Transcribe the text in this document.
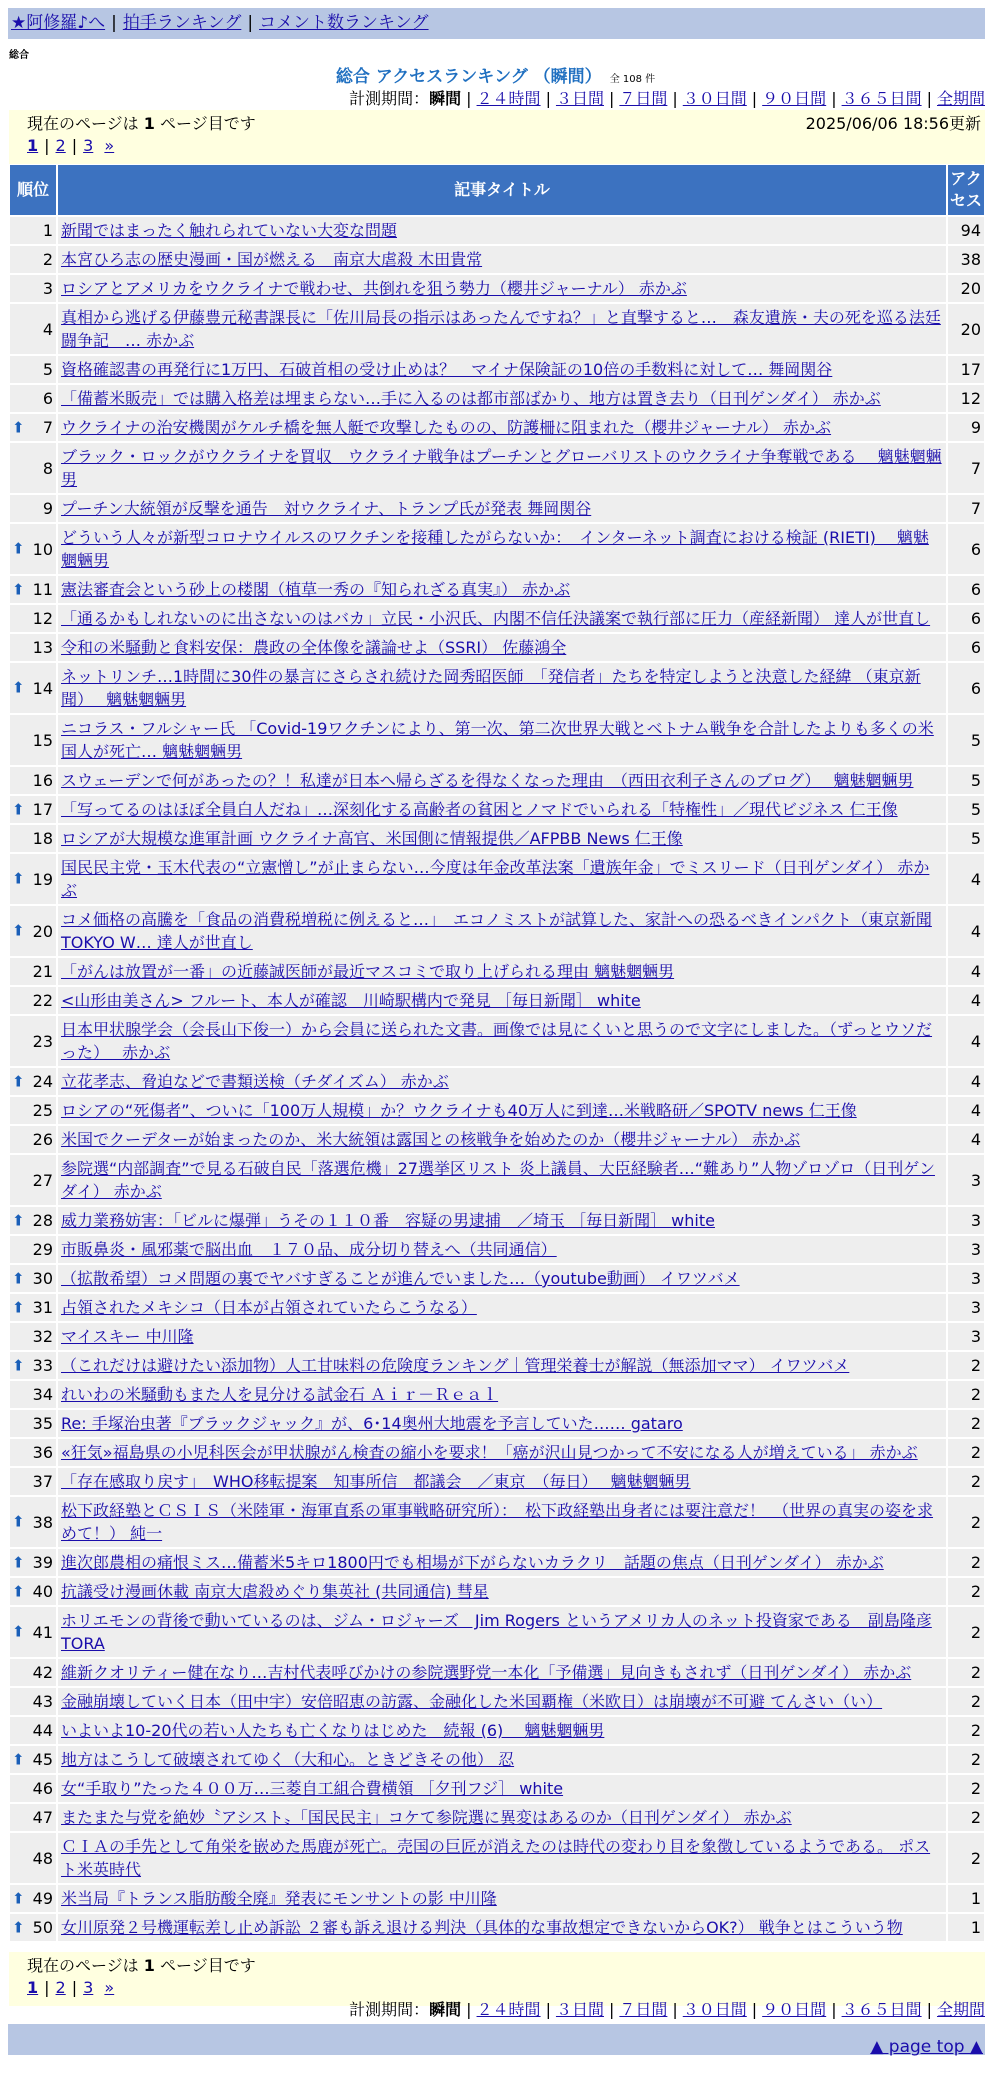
★阿修羅♪へ | 拍手ランキング | コメント数ランキング
総合
総合 アクセスランキング （瞬間） 全 108 件
計測期間：瞬間 | ２４時間 | ３日間 | ７日間 | ３０日間 | ９０日間 | ３６５日間 | 全期間
現在のページは 1 ページ目です	2025/06/06 18:56更新
1 | 2 | 3 »
順位	記事タイトル	アクセス
1	新聞ではまったく触れられていない大変な問題	94
2	本宮ひろ志の歴史漫画・国が燃える　南京大虐殺 木田貴常	38
3	ロシアとアメリカをウクライナで戦わせ、共倒れを狙う勢力（櫻井ジャーナル） 赤かぶ	20
4	真相から逃げる伊藤豊元秘書課長に「佐川局長の指示はあったんですね？」と直撃すると…　森友遺族・夫の死を巡る法廷闘争記　… 赤かぶ	20
5	資格確認書の再発行に1万円、石破首相の受け止めは？　マイナ保険証の10倍の手数料に対して… 舞岡関谷	17
6	「備蓄米販売」では購入格差は埋まらない…手に入るのは都市部ばかり、地方は置き去り（日刊ゲンダイ） 赤かぶ	12

⬆ 7	ウクライナの治安機関がケルチ橋を無人艇で攻撃したものの、防護柵に阻まれた（櫻井ジャーナル） 赤かぶ	9
8	ブラック・ロックがウクライナを買収　ウクライナ戦争はプーチンとグローバリストのウクライナ争奪戦である　 魑魅魍魎男	7
9	プーチン大統領が反撃を通告　対ウクライナ、トランプ氏が発表 舞岡関谷	7

⬆ 10	どういう人々が新型コロナウイルスのワクチンを接種したがらないか：　インターネット調査における検証 (RIETI)　 魑魅魍魎男	6

⬆ 11	憲法審査会という砂上の楼閣（植草一秀の『知られざる真実』） 赤かぶ	6
12	「通るかもしれないのに出さないのはバカ」立民・小沢氏、内閣不信任決議案で執行部に圧力（産経新聞） 達人が世直し	6
13	令和の米騒動と食料安保：農政の全体像を議論せよ（SSRI） 佐藤鴻全	6

⬆ 14	ネットリンチ…1時間に30件の暴言にさらされ続けた岡秀昭医師　「発信者」たちを特定しようと決意した経緯 （東京新聞）　 魑魅魍魎男	6
15	ニコラス・フルシャー氏 「Covid-19ワクチンにより、第一次、第二次世界大戦とベトナム戦争を合計したよりも多くの米国人が死亡… 魑魅魍魎男	5
16	スウェーデンで何があったの？！私達が日本へ帰らざるを得なくなった理由　（西田衣利子さんのブログ）　 魑魅魍魎男	5

⬆ 17	「写ってるのはほぼ全員白人だね」…深刻化する高齢者の貧困とノマドでいられる「特権性」／現代ビジネス 仁王像	5
18	ロシアが大規模な進軍計画 ウクライナ高官、米国側に情報提供／AFPBB News 仁王像	5

⬆ 19	国民民主党・玉木代表の“立憲憎し”が止まらない…今度は年金改革法案「遺族年金」でミスリード（日刊ゲンダイ） 赤かぶ	4

⬆ 20	コメ価格の高騰を「食品の消費税増税に例えると…」　エコノミストが試算した、家計への恐るべきインパクト（東京新聞 TOKYO W… 達人が世直し	4
21	「がんは放置が一番」の近藤誠医師が最近マスコミで取り上げられる理由 魑魅魍魎男	4
22	<山形由美さん> フルート、本人が確認　川崎駅構内で発見 ［毎日新聞］ white	4
23	日本甲状腺学会（会長山下俊一）から会員に送られた文書。画像では見にくいと思うので文字にしました。（ずっとウソだった）　 赤かぶ	4

⬆ 24	立花孝志、脅迫などで書類送検（チダイズム） 赤かぶ	4
25	ロシアの“死傷者”、ついに「100万人規模」か？ウクライナも40万人に到達…米戦略研／SPOTV news 仁王像	4
26	米国でクーデターが始まったのか、米大統領は露国との核戦争を始めたのか（櫻井ジャーナル） 赤かぶ	4
27	参院選“内部調査”で見る石破自民「落選危機」27選挙区リスト 炎上議員、大臣経験者…“難あり”人物ゾロゾロ（日刊ゲンダイ） 赤かぶ	3

⬆ 28	威力業務妨害：「ビルに爆弾」うその１１０番　容疑の男逮捕　／埼玉 ［毎日新聞］ white	3
29	市販鼻炎・風邪薬で脳出血　１７０品、成分切り替えへ（共同通信）	3

⬆ 30	（拡散希望）コメ問題の裏でヤバすぎることが進んでいました…（youtube動画） イワツバメ	3

⬆ 31	占領されたメキシコ（日本が占領されていたらこうなる）	3
32	マイスキー 中川隆	3

⬆ 33	（これだけは避けたい添加物）人工甘味料の危険度ランキング｜管理栄養士が解説（無添加ママ） イワツバメ	2
34	れいわの米騒動もまた人を見分ける試金石 Ａｉｒ－Ｒｅａｌ	2
35	Re: 手塚治虫著『ブラックジャック』が、6･14奥州大地震を予言していた…… gataro	2
36	«狂気»福島県の小児科医会が甲状腺がん検査の縮小を要求！「癌が沢山見つかって不安になる人が増えている」 赤かぶ	2
37	「存在感取り戻す」　WHO移転提案　知事所信　都議会　／東京　（毎日）　 魑魅魍魎男	2

⬆ 38	松下政経塾とＣＳＩＳ（米陸軍・海軍直系の軍事戦略研究所）：　松下政経塾出身者には要注意だ！　（世界の真実の姿を求めて！） 純一	2

⬆ 39	進次郎農相の痛恨ミス…備蓄米5キロ1800円でも相場が下がらないカラクリ　話題の焦点（日刊ゲンダイ） 赤かぶ	2

⬆ 40	抗議受け漫画休載 南京大虐殺めぐり集英社 (共同通信) 彗星	2

⬆ 41	ホリエモンの背後で動いているのは、ジム・ロジャーズ　Jim Rogers というアメリカ人のネット投資家である　副島隆彦 TORA	2
42	維新クオリティー健在なり…吉村代表呼びかけの参院選野党一本化「予備選」見向きもされず（日刊ゲンダイ） 赤かぶ	2
43	金融崩壊していく日本（田中宇）安倍昭恵の訪露、金融化した米国覇権（米欧日）は崩壊が不可避 てんさい（い）	2
44	いよいよ10-20代の若い人たちも亡くなりはじめた　続報 (6)　 魑魅魍魎男	2

⬆ 45	地方はこうして破壊されてゆく（大和心。ときどきその他） 忍	2
46	女“手取り”たった４００万…三菱自工組合費横領 ［夕刊フジ］ white	2
47	またまた与党を絶妙〝アシスト〟「国民民主」コケて参院選に異変はあるのか（日刊ゲンダイ） 赤かぶ	2
48	ＣＩＡの手先として角栄を嵌めた馬鹿が死亡。売国の巨匠が消えたのは時代の変わり目を象徴しているようである。 ポスト米英時代	2

⬆ 49	米当局『トランス脂肪酸全廃』発表にモンサントの影 中川隆	1

⬆ 50	女川原発２号機運転差し止め訴訟 ２審も訴え退ける判決（具体的な事故想定できないからOK?） 戦争とはこういう物	1
現在のページは 1 ページ目です
1 | 2 | 3 »
計測期間：瞬間 | ２４時間 | ３日間 | ７日間 | ３０日間 | ９０日間 | ３６５日間 | 全期間
▲ page top ▲
